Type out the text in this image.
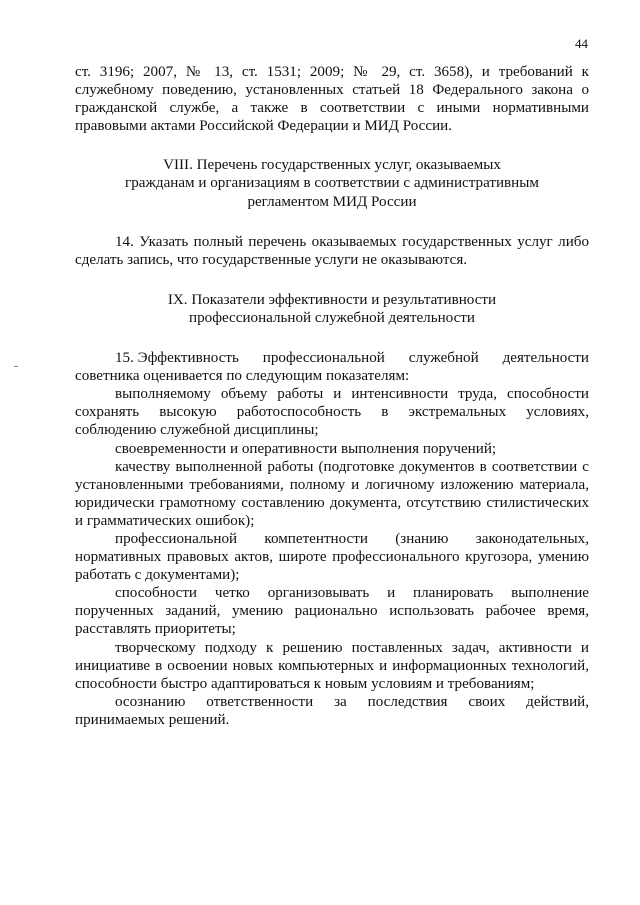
44

ст. 3196; 2007, № 13, ст. 1531; 2009; № 29, ст. 3658), и требований к служебному поведению, установленных статьей 18 Федерального закона о гражданской службе, а также в соответствии с иными нормативными правовыми актами Российской Федерации и МИД России.

VIII. Перечень государственных услуг, оказываемых
гражданам и организациям в соответствии с административным
регламентом МИД России

14. Указать полный перечень оказываемых государственных услуг либо сделать запись, что государственные услуги не оказываются.

IX. Показатели эффективности и результативности
профессиональной служебной деятельности
15. Эффективность профессиональной служебной деятельности

советника оценивается по следующим показателям:

выполняемому объему работы и интенсивности труда, способности сохранять высокую работоспособность в экстремальных условиях, соблюдению служебной дисциплины;

своевременности и оперативности выполнения поручений;

качеству выполненной работы (подготовке документов в соответствии с установленными требованиями, полному и логичному изложению материала, юридически грамотному составлению документа, отсутствию стилистических и грамматических ошибок);

профессиональной компетентности (знанию законодательных, нормативных правовых актов, широте профессионального кругозора, умению работать с документами);

способности четко организовывать и планировать выполнение порученных заданий, умению рационально использовать рабочее время, расставлять приоритеты;

творческому подходу к решению поставленных задач, активности и инициативе в освоении новых компьютерных и информационных технологий, способности быстро адаптироваться к новым условиям и требованиям;

осознанию ответственности за последствия своих действий, принимаемых решений.
